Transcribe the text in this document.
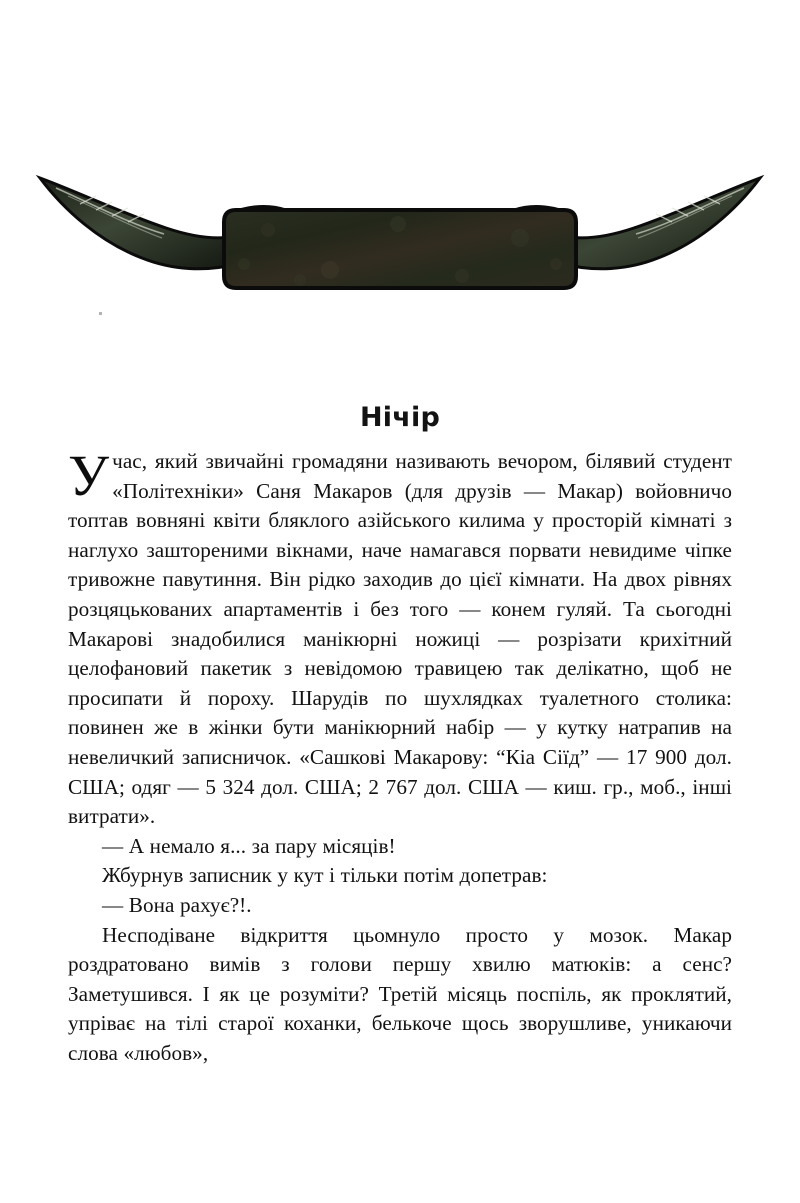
Частина перша
Нічір

Учас, який звичайні громадяни називають вечором, білявий студент «Політехніки» Саня Макаров (для друзів — Макар) войовничо топтав вовняні квіти бляклого азійського килима у просторій кімнаті з наглухо заштореними вікнами, наче намагався порвати невидиме чіпке тривожне павутиння. Він рідко заходив до цієї кімнати. На двох рівнях розцяцькованих апартаментів і без того — конем гуляй. Та сьогодні Макарові знадобилися манікюрні ножиці — розрізати крихітний целофановий пакетик з невідомою травицею так делікатно, щоб не просипати й пороху. Шарудів по шухлядках туалетного столика: повинен же в жінки бути манікюрний набір — у кутку натрапив на невеличкий записничок. «Сашкові Макарову: “Кіа Сіїд” — 17 900 дол. США; одяг — 5 324 дол. США; 2 767 дол. США — киш. гр., моб., інші витрати».

— А немало я... за пару місяців!

Жбурнув записник у кут і тільки потім допетрав:

— Вона рахує?!.

Несподіване відкриття цьомнуло просто у мозок. Макар роздратовано вимів з голови першу хвилю матюків: а сенс? Заметушився. І як це розуміти? Третій місяць поспіль, як проклятий, упріває на тілі старої коханки, белькоче щось зворушливе, уникаючи слова «любов»,
